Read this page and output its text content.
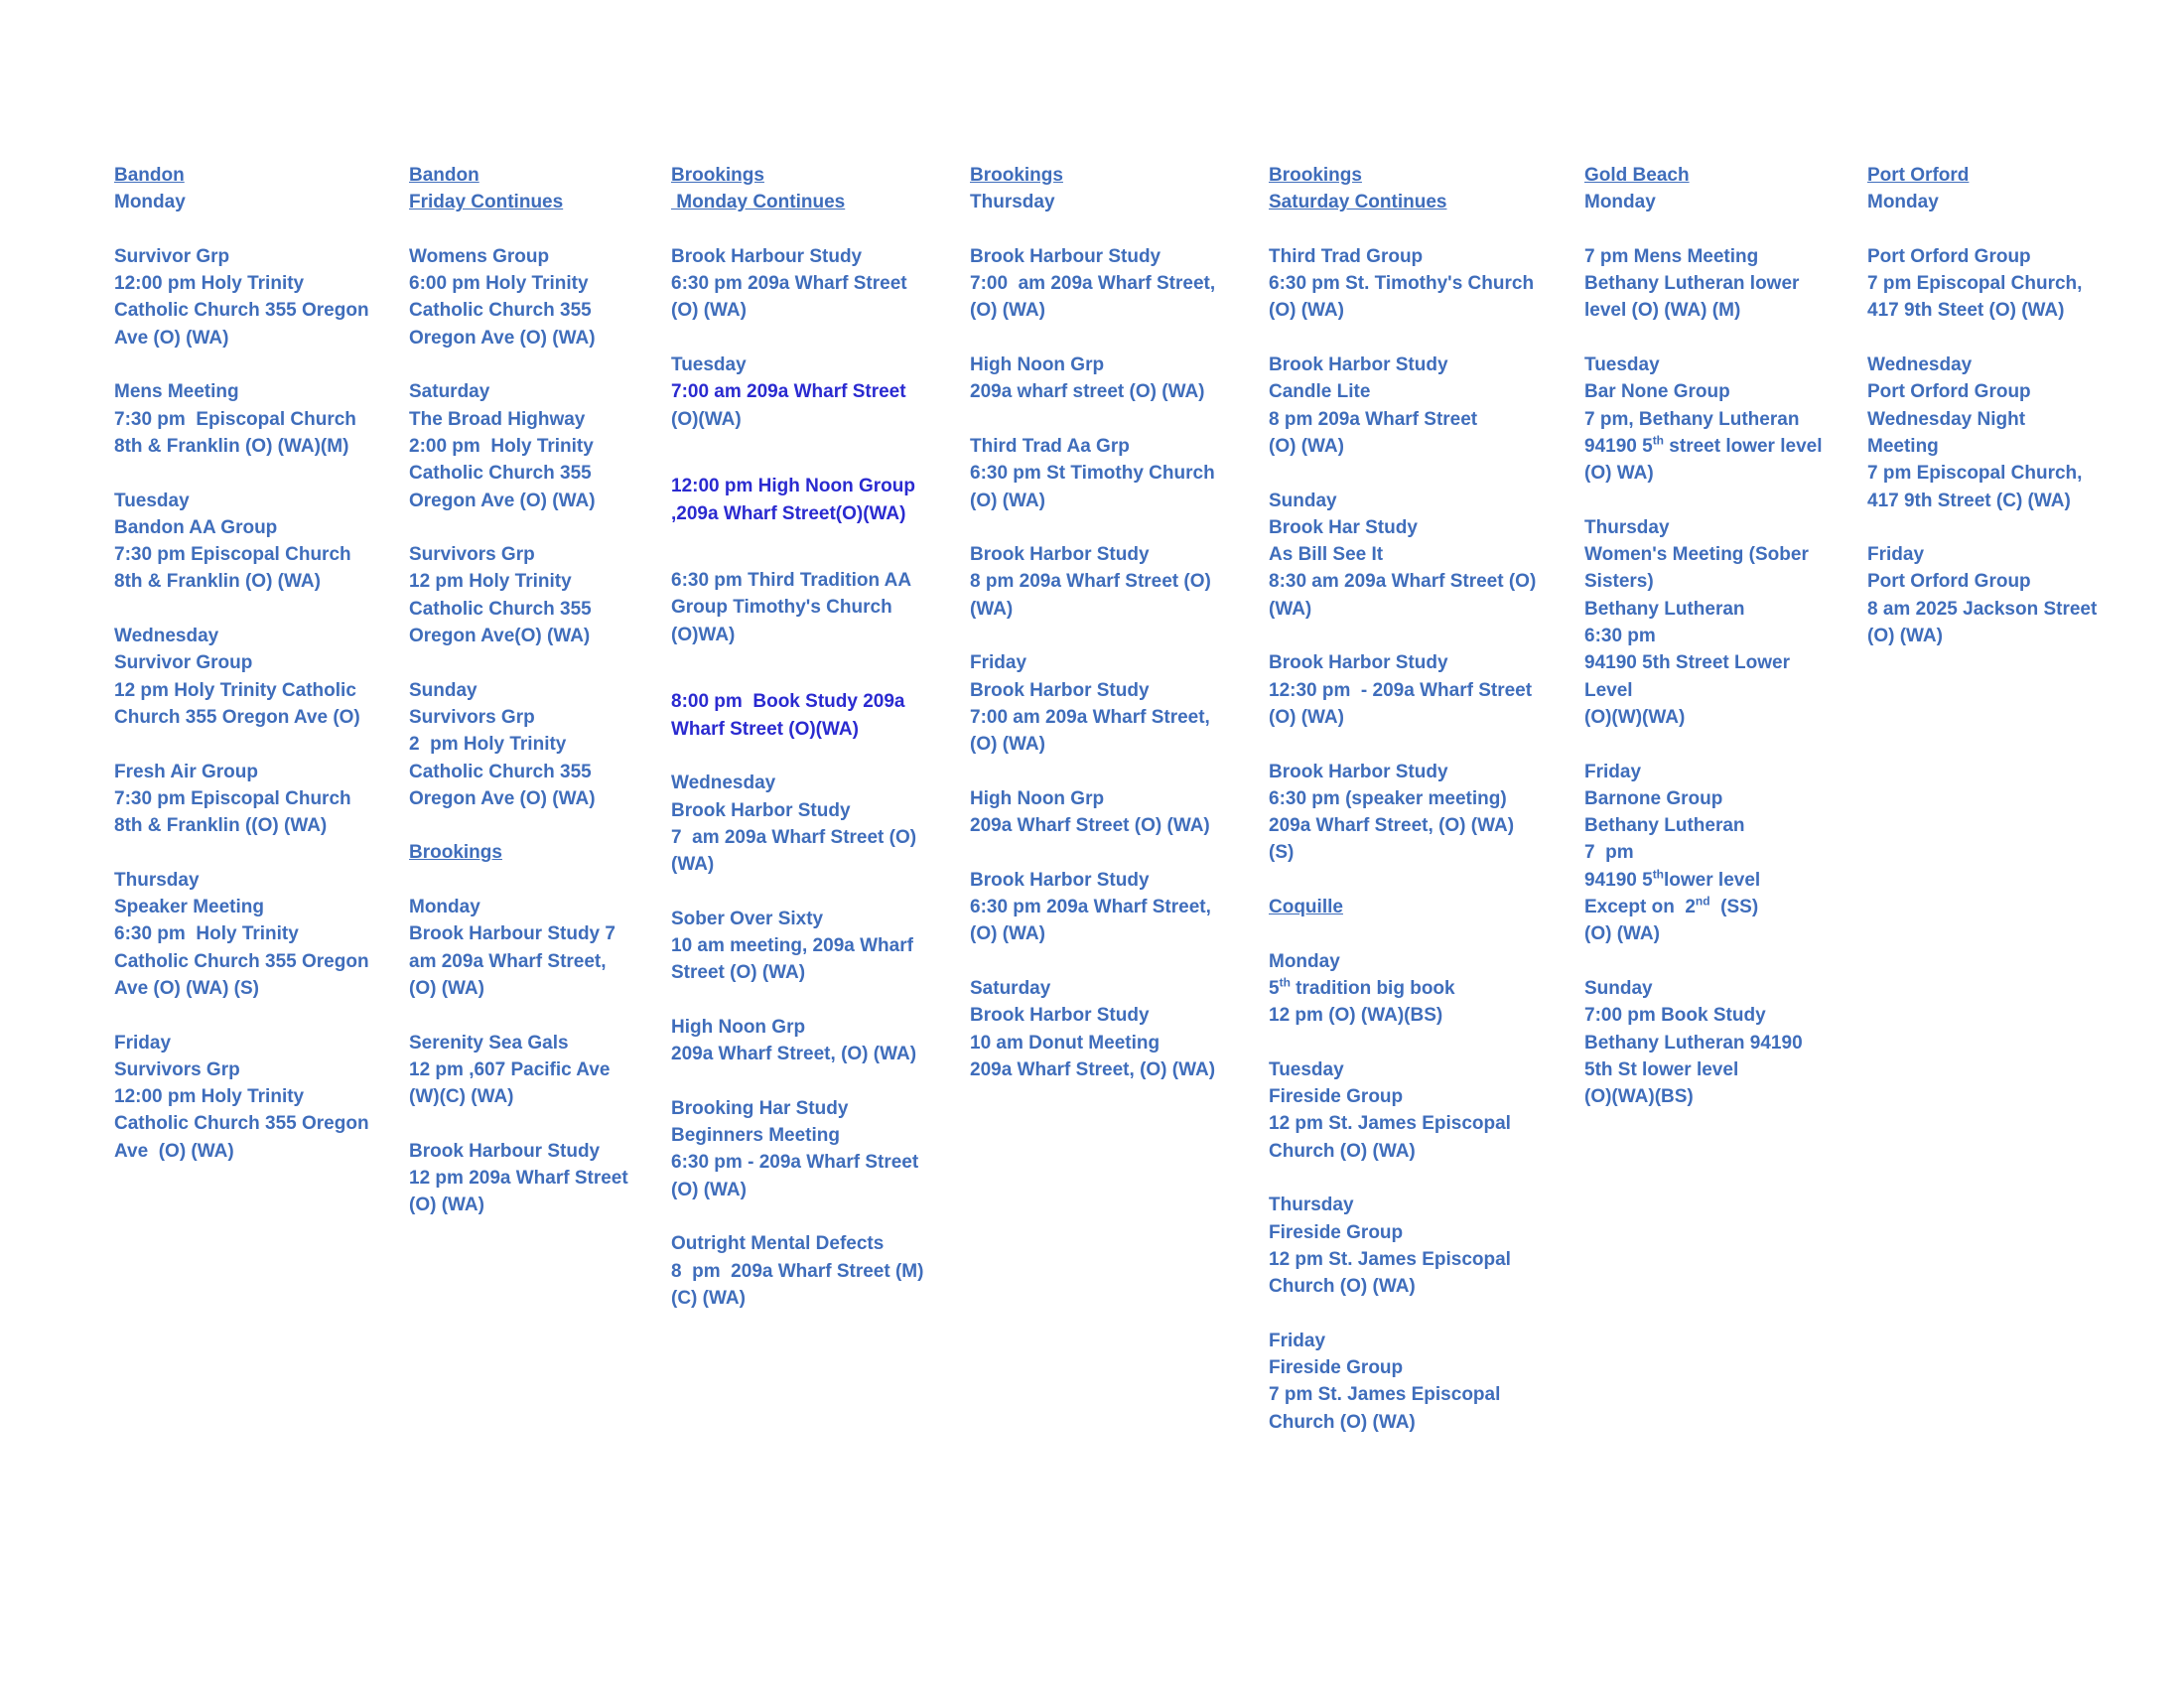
Bandon
Monday
Survivor Grp
12:00 pm Holy Trinity
Catholic Church 355 Oregon
Ave (O) (WA)
Mens Meeting
7:30 pm  Episcopal Church
8th & Franklin (O) (WA)(M)
Tuesday
Bandon AA Group
7:30 pm Episcopal Church
8th & Franklin (O) (WA)
Wednesday
Survivor Group
12 pm Holy Trinity Catholic
Church 355 Oregon Ave (O)
Fresh Air Group
7:30 pm Episcopal Church
8th & Franklin ((O) (WA)
Thursday
Speaker Meeting
6:30 pm  Holy Trinity
Catholic Church 355 Oregon
Ave (O) (WA) (S)
Friday
Survivors Grp
12:00 pm Holy Trinity
Catholic Church 355 Oregon
Ave  (O) (WA)
Bandon
Friday Continues
Womens Group
6:00 pm Holy Trinity
Catholic Church 355
Oregon Ave (O) (WA)
Saturday
The Broad Highway
2:00 pm  Holy Trinity
Catholic Church 355
Oregon Ave (O) (WA)
Survivors Grp
12 pm Holy Trinity
Catholic Church 355
Oregon Ave(O) (WA)
Sunday
Survivors Grp
2  pm Holy Trinity
Catholic Church 355
Oregon Ave (O) (WA)
Brookings
Monday
Brook Harbour Study 7
am 209a Wharf Street,
(O) (WA)
Serenity Sea Gals
12 pm ,607 Pacific Ave
(W)(C) (WA)
Brook Harbour Study
12 pm 209a Wharf Street
(O) (WA)
Brookings
Monday Continues
Brook Harbour Study
6:30 pm 209a Wharf Street
(O) (WA)
Tuesday
7:00 am 209a Wharf Street
(O)(WA)
12:00 pm High Noon Group
,209a Wharf Street(O)(WA)
6:30 pm Third Tradition AA
Group Timothy's Church
(O)WA)
8:00 pm  Book Study 209a
Wharf Street (O)(WA)
Wednesday
Brook Harbor Study
7  am 209a Wharf Street (O)
(WA)
Sober Over Sixty
10 am meeting, 209a Wharf
Street (O) (WA)
High Noon Grp
209a Wharf Street, (O) (WA)
Brooking Har Study
Beginners Meeting
6:30 pm - 209a Wharf Street
(O) (WA)
Outright Mental Defects
8  pm  209a Wharf Street (M)
(C) (WA)
Brookings
Thursday
Brook Harbour Study
7:00  am 209a Wharf Street,
(O) (WA)
High Noon Grp
209a wharf street (O) (WA)
Third Trad Aa Grp
6:30 pm St Timothy Church
(O) (WA)
Brook Harbor Study
8 pm 209a Wharf Street (O)
(WA)
Friday
Brook Harbor Study
7:00 am 209a Wharf Street,
(O) (WA)
High Noon Grp
209a Wharf Street (O) (WA)
Brook Harbor Study
6:30 pm 209a Wharf Street,
(O) (WA)
Saturday
Brook Harbor Study
10 am Donut Meeting
209a Wharf Street, (O) (WA)
Brookings
Saturday Continues
Third Trad Group
6:30 pm St. Timothy's Church
(O) (WA)
Brook Harbor Study
Candle Lite
8 pm 209a Wharf Street
(O) (WA)
Sunday
Brook Har Study
As Bill See It
8:30 am 209a Wharf Street (O)
(WA)
Brook Harbor Study
12:30 pm  - 209a Wharf Street
(O) (WA)
Brook Harbor Study
6:30 pm (speaker meeting)
209a Wharf Street, (O) (WA)
(S)
Coquille
Monday
5th tradition big book
12 pm (O) (WA)(BS)
Tuesday
Fireside Group
12 pm St. James Episcopal
Church (O) (WA)
Thursday
Fireside Group
12 pm St. James Episcopal
Church (O) (WA)
Friday
Fireside Group
7 pm St. James Episcopal
Church (O) (WA)
Gold Beach
Monday
7 pm Mens Meeting
Bethany Lutheran lower
level (O) (WA) (M)
Tuesday
Bar None Group
7 pm, Bethany Lutheran
94190 5th street lower level
(O) WA)
Thursday
Women's Meeting (Sober
Sisters)
Bethany Lutheran
6:30 pm
94190 5th Street Lower
Level
(O)(W)(WA)
Friday
Barnone Group
Bethany Lutheran
7  pm
94190 5thlower level
Except on  2nd  (SS)
(O) (WA)
Sunday
7:00 pm Book Study
Bethany Lutheran 94190
5th St lower level
(O)(WA)(BS)
Port Orford
Monday
Port Orford Group
7 pm Episcopal Church,
417 9th Steet (O) (WA)
Wednesday
Port Orford Group
Wednesday Night
Meeting
7 pm Episcopal Church,
417 9th Street (C) (WA)
Friday
Port Orford Group
8 am 2025 Jackson Street
(O) (WA)
